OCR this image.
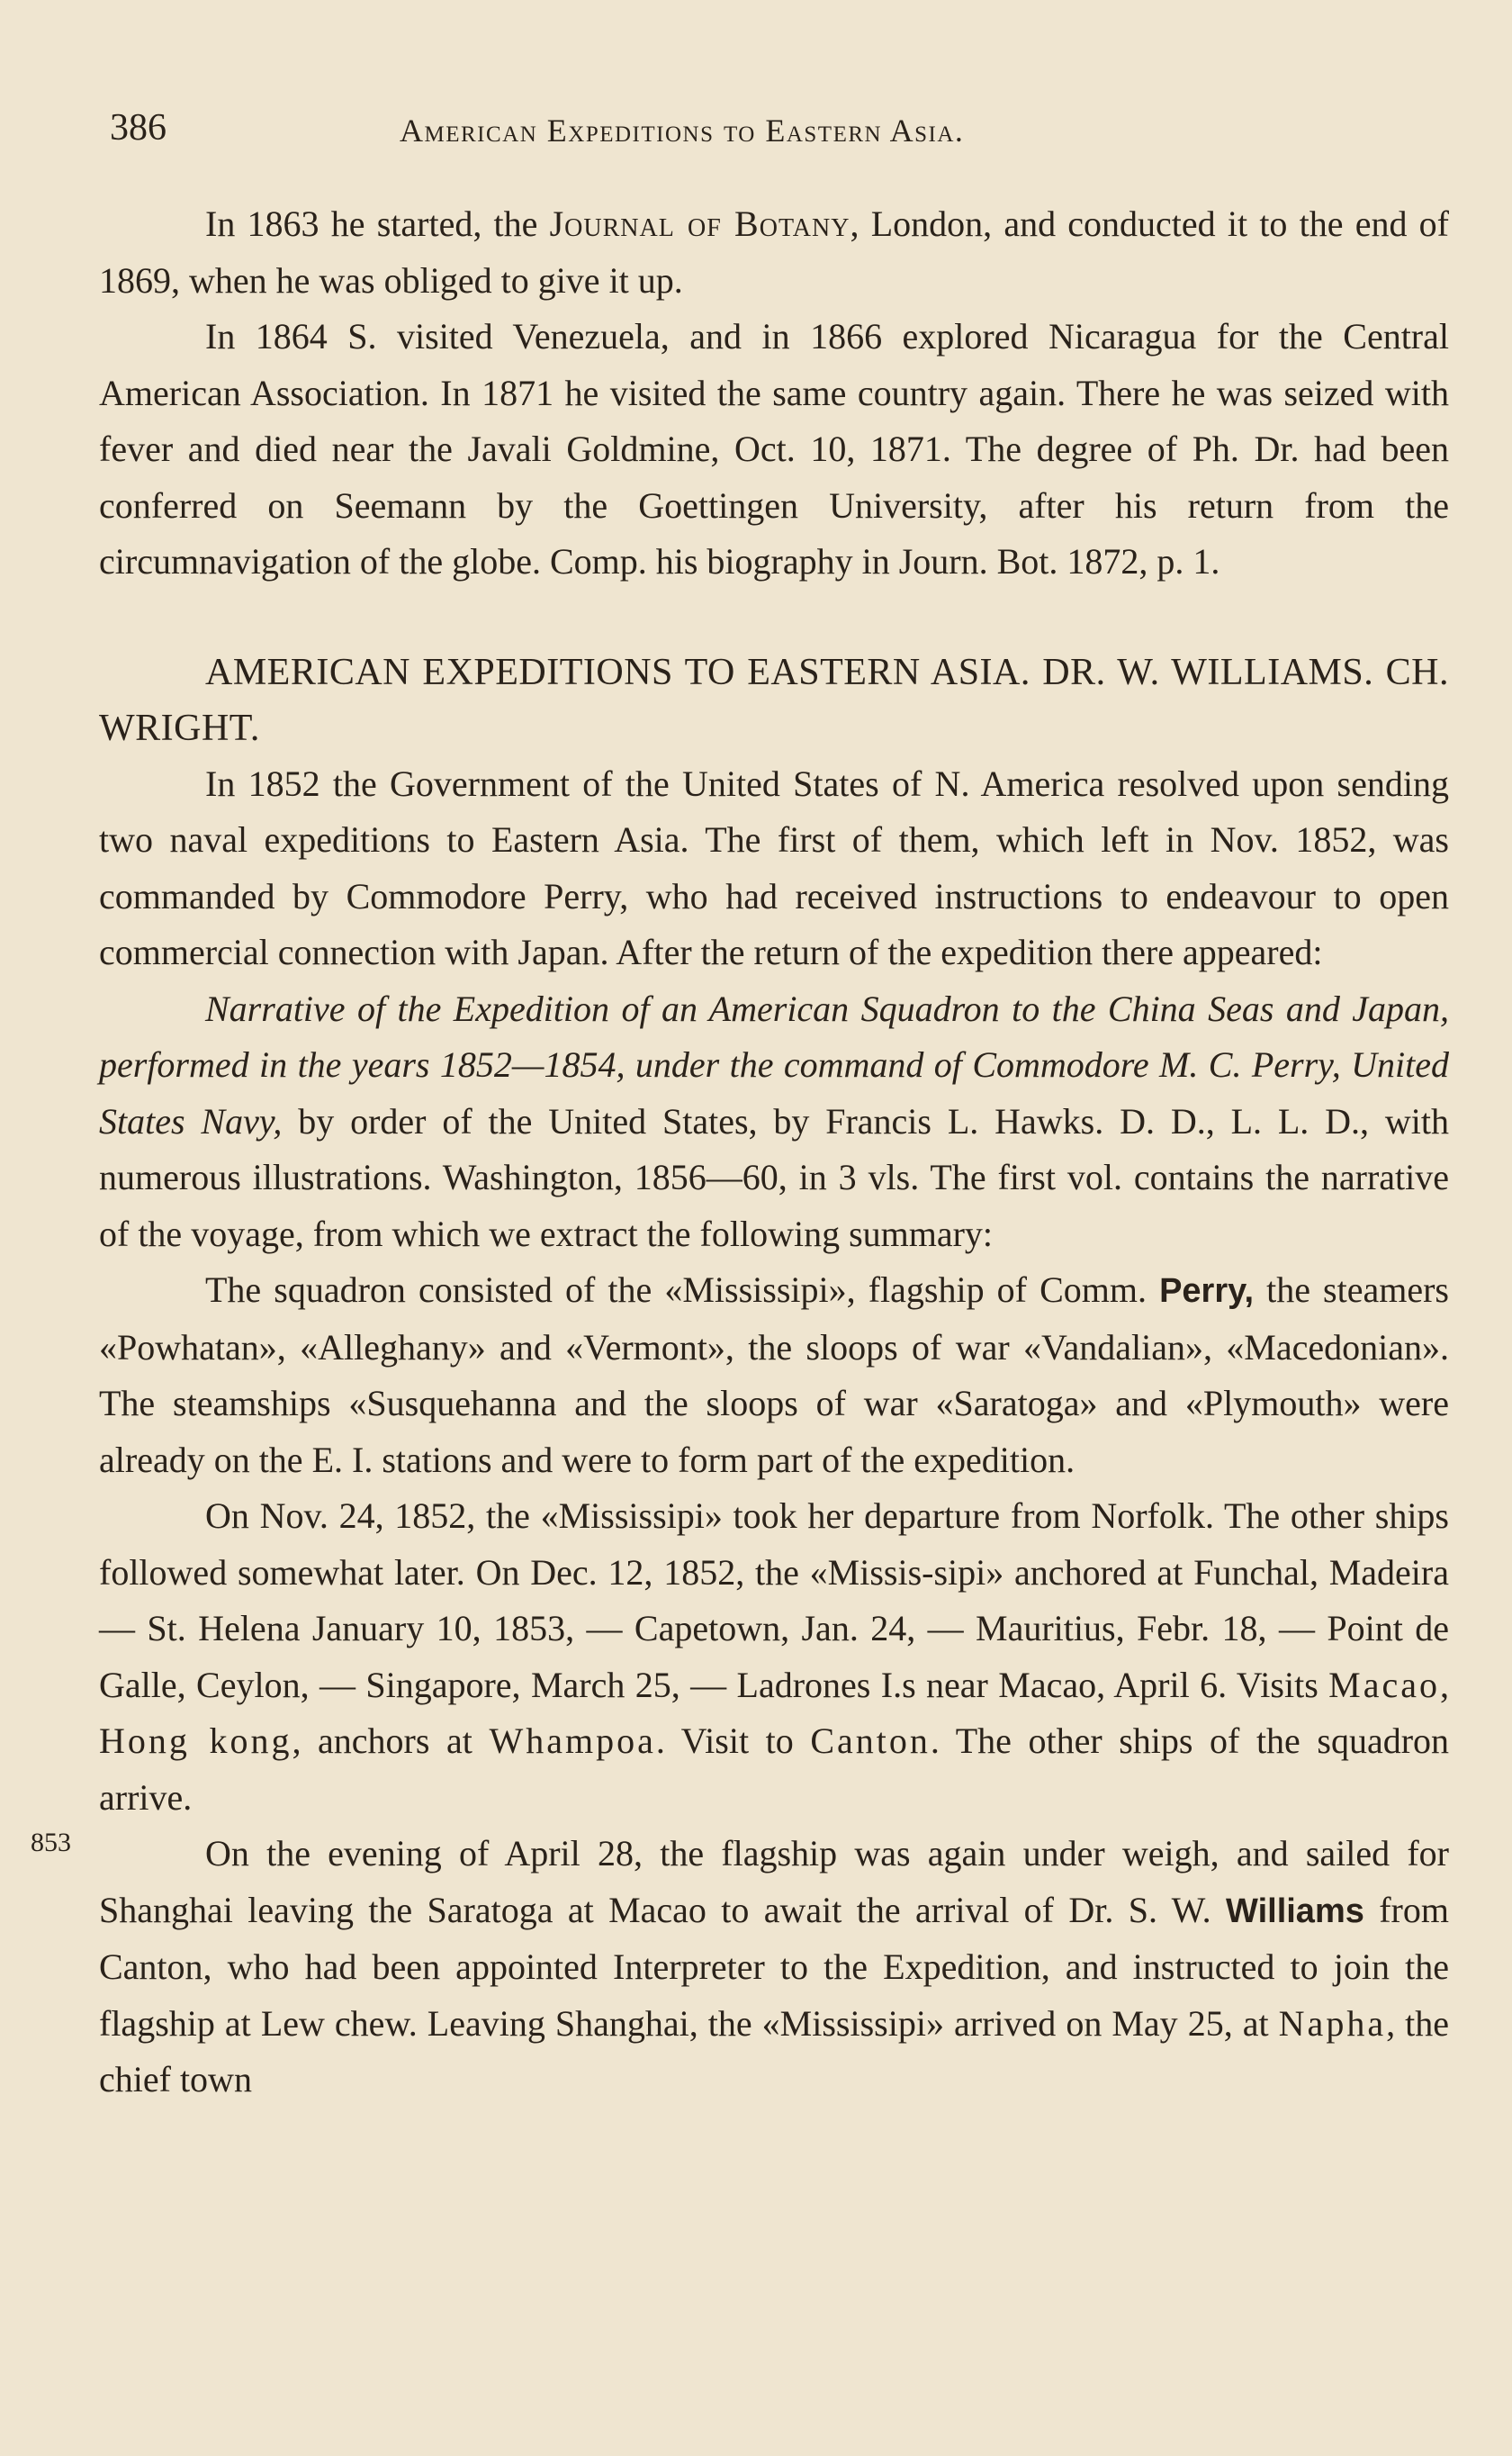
386	American Expeditions to Eastern Asia.
853

In 1863 he started, the Journal of Botany, London, and conducted it to the end of 1869, when he was obliged to give it up.

In 1864 S. visited Venezuela, and in 1866 explored Nicaragua for the Central American Association. In 1871 he visited the same country again. There he was seized with fever and died near the Javali Goldmine, Oct. 10, 1871. The degree of Ph. Dr. had been conferred on Seemann by the Goettingen University, after his return from the circumnavigation of the globe. Comp. his biography in Journ. Bot. 1872, p. 1.

AMERICAN EXPEDITIONS TO EASTERN ASIA. DR. W. WILLIAMS. CH. WRIGHT.

In 1852 the Government of the United States of N. America resolved upon sending two naval expeditions to Eastern Asia. The first of them, which left in Nov. 1852, was commanded by Commodore Perry, who had received instructions to endeavour to open commercial connection with Japan. After the return of the expedition there appeared:

Narrative of the Expedition of an American Squadron to the China Seas and Japan, performed in the years 1852—1854, under the command of Commodore M. C. Perry, United States Navy, by order of the United States, by Francis L. Hawks. D. D., L. L. D., with numerous illustrations. Washington, 1856—60, in 3 vls. The first vol. contains the narrative of the voyage, from which we extract the following summary:

The squadron consisted of the «Mississipi», flagship of Comm. Perry, the steamers «Powhatan», «Alleghany» and «Vermont», the sloops of war «Vandalian», «Macedonian». The steamships «Susquehanna and the sloops of war «Saratoga» and «Plymouth» were already on the E. I. stations and were to form part of the expedition.

On Nov. 24, 1852, the «Mississipi» took her departure from Norfolk. The other ships followed somewhat later. On Dec. 12, 1852, the «Missis-sipi» anchored at Funchal, Madeira — St. Helena January 10, 1853, — Capetown, Jan. 24, — Mauritius, Febr. 18, — Point de Galle, Ceylon, — Singapore, March 25, — Ladrones I.s near Macao, April 6. Visits Macao, Hong kong, anchors at Whampoa. Visit to Canton. The other ships of the squadron arrive.

On the evening of April 28, the flagship was again under weigh, and sailed for Shanghai leaving the Saratoga at Macao to await the arrival of Dr. S. W. Williams from Canton, who had been appointed Interpreter to the Expedition, and instructed to join the flagship at Lew chew. Leaving Shanghai, the «Mississipi» arrived on May 25, at Napha, the chief town
